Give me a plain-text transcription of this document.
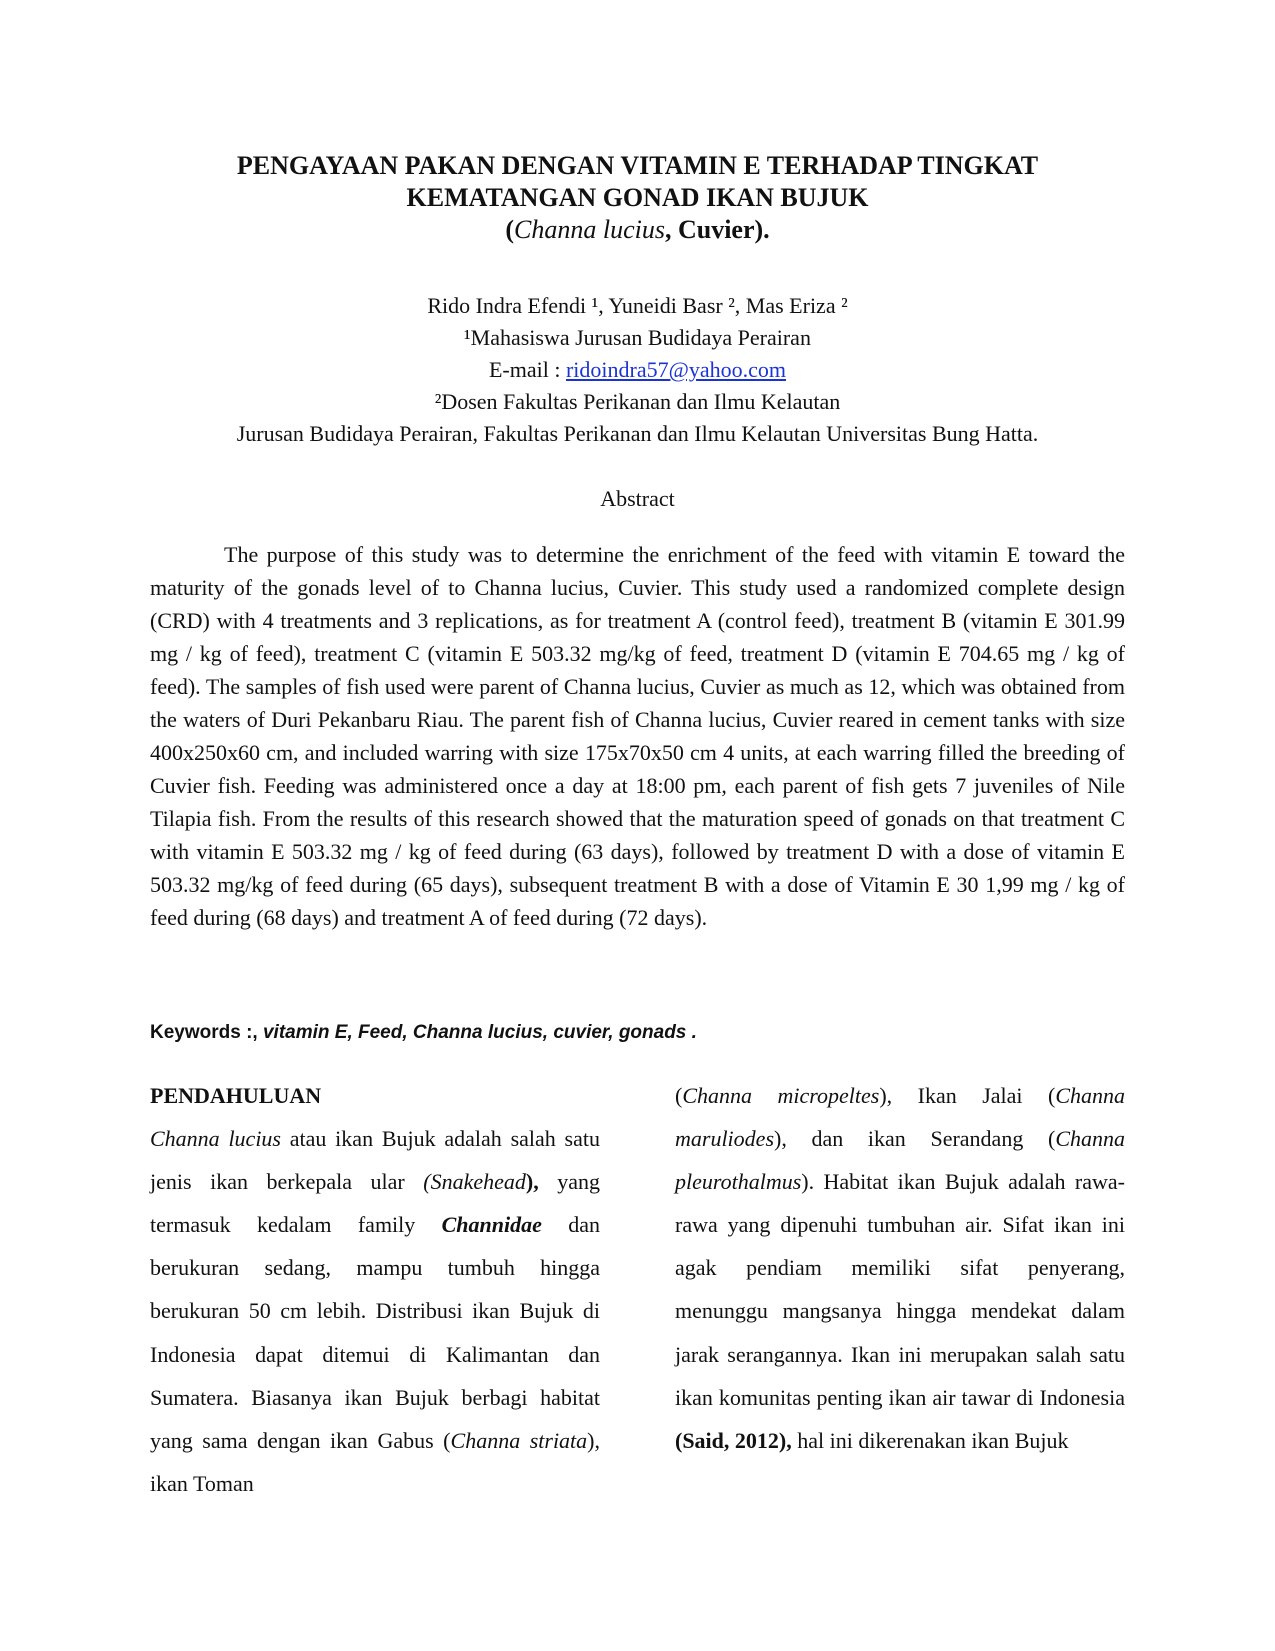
PENGAYAAN PAKAN DENGAN VITAMIN E TERHADAP TINGKAT
KEMATANGAN GONAD IKAN BUJUK
(Channa lucius, Cuvier).
Rido Indra Efendi ¹, Yuneidi Basr ², Mas Eriza ²
¹Mahasiswa Jurusan Budidaya Perairan
E-mail : ridoindra57@yahoo.com
²Dosen Fakultas Perikanan dan Ilmu Kelautan
Jurusan Budidaya Perairan, Fakultas Perikanan dan Ilmu Kelautan Universitas Bung Hatta.
Abstract
The purpose of this study was to determine the enrichment of the feed with vitamin E toward the maturity of the gonads level of to Channa lucius, Cuvier. This study used a randomized complete design (CRD) with 4 treatments and 3 replications, as for treatment A (control feed), treatment B (vitamin E 301.99 mg / kg of feed), treatment C (vitamin E 503.32 mg/kg of feed, treatment D (vitamin E 704.65 mg / kg of feed). The samples of fish used were parent of Channa lucius, Cuvier as much as 12, which was obtained from the waters of Duri Pekanbaru Riau. The parent fish of Channa lucius, Cuvier reared in cement tanks with size 400x250x60 cm, and included warring with size 175x70x50 cm 4 units, at each warring filled the breeding of Cuvier fish. Feeding was administered once a day at 18:00 pm, each parent of fish gets 7 juveniles of Nile Tilapia fish. From the results of this research showed that the maturation speed of gonads on that treatment C with vitamin E 503.32 mg / kg of feed during (63 days), followed by treatment D with a dose of vitamin E 503.32 mg/kg of feed during (65 days), subsequent treatment B with a dose of Vitamin E 30 1,99 mg / kg of feed during (68 days) and treatment A of feed during (72 days).
Keywords :, vitamin E, Feed, Channa lucius, cuvier, gonads .
PENDAHULUAN

Channa lucius atau ikan Bujuk adalah salah satu jenis ikan berkepala ular (Snakehead), yang termasuk kedalam family Channidae dan berukuran sedang, mampu tumbuh hingga berukuran 50 cm lebih. Distribusi ikan Bujuk di Indonesia dapat ditemui di Kalimantan dan Sumatera. Biasanya ikan Bujuk berbagi habitat yang sama dengan ikan Gabus (Channa striata), ikan Toman

(Channa micropeltes), Ikan Jalai (Channa maruliodes), dan ikan Serandang (Channa pleurothalmus). Habitat ikan Bujuk adalah rawa-rawa yang dipenuhi tumbuhan air. Sifat ikan ini agak pendiam memiliki sifat penyerang, menunggu mangsanya hingga mendekat dalam jarak serangannya. Ikan ini merupakan salah satu ikan komunitas penting ikan air tawar di Indonesia (Said, 2012), hal ini dikerenakan ikan Bujuk
